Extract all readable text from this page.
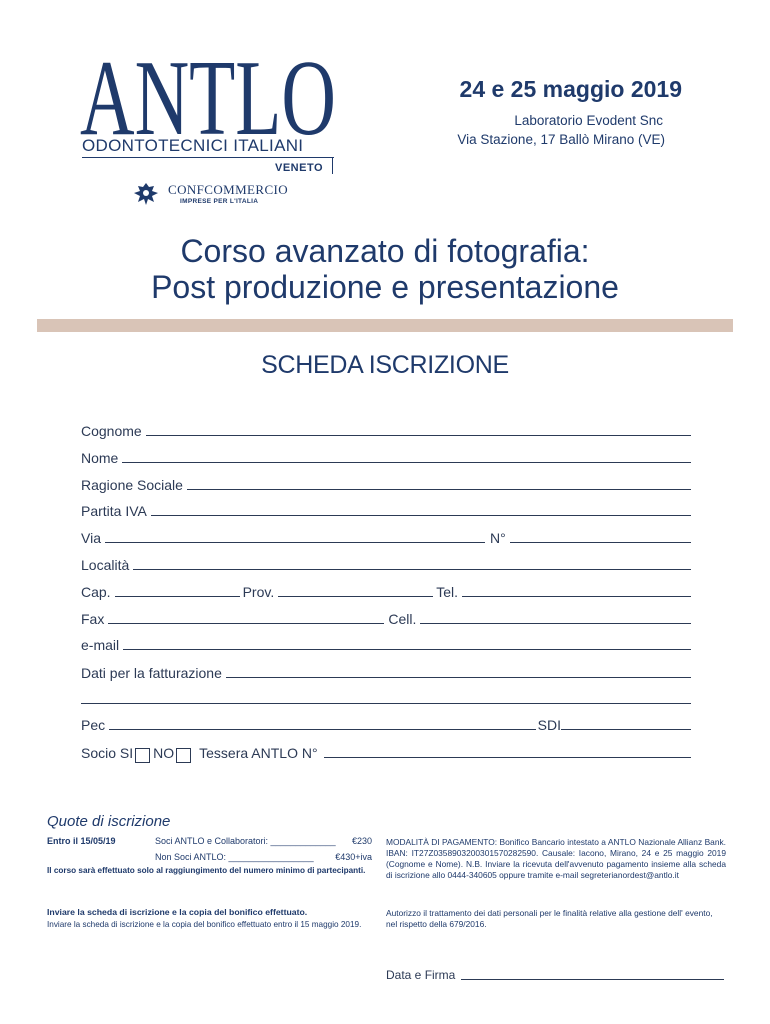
ANTLO
ODONTOTECNICI ITALIANI
VENETO
CONFCOMMERCIO
IMPRESE PER L'ITALIA
24 e 25 maggio 2019
Laboratorio Evodent Snc
Via Stazione, 17 Ballò Mirano (VE)
Corso avanzato di fotografia:
Post produzione e presentazione
SCHEDA ISCRIZIONE
Cognome
Nome
Ragione Sociale
Partita IVA
Via	N°
Località
Cap.	Prov.	Tel.
Fax	Cell.
e-mail
Dati per la fatturazione
Pec	SDI
Socio SI NO Tessera ANTLO N°
Quote di iscrizione
Entro il 15/05/19	Soci ANTLO e Collaboratori: _____________ €230
Non Soci ANTLO: _________________ €430+iva
Il corso sarà effettuato solo al raggiungimento del numero minimo di partecipanti.
Inviare la scheda di iscrizione e la copia del bonifico effettuato.
Inviare la scheda di iscrizione e la copia del bonifico effettuato entro il 15 maggio 2019.
MODALITÀ DI PAGAMENTO: Bonifico Bancario intestato a ANTLO Nazionale Allianz Bank. IBAN: IT27Z0358903200301570282590. Causale: Iacono, Mirano, 24 e 25 maggio 2019 (Cognome e Nome). N.B. Inviare la ricevuta dell'avvenuto pagamento insieme alla scheda di iscrizione allo 0444-340605 oppure tramite e-mail segreterianordest@antlo.it
Autorizzo il trattamento dei dati personali per le finalità relative alla gestione dell' evento, nel rispetto della 679/2016.
Data e Firma
